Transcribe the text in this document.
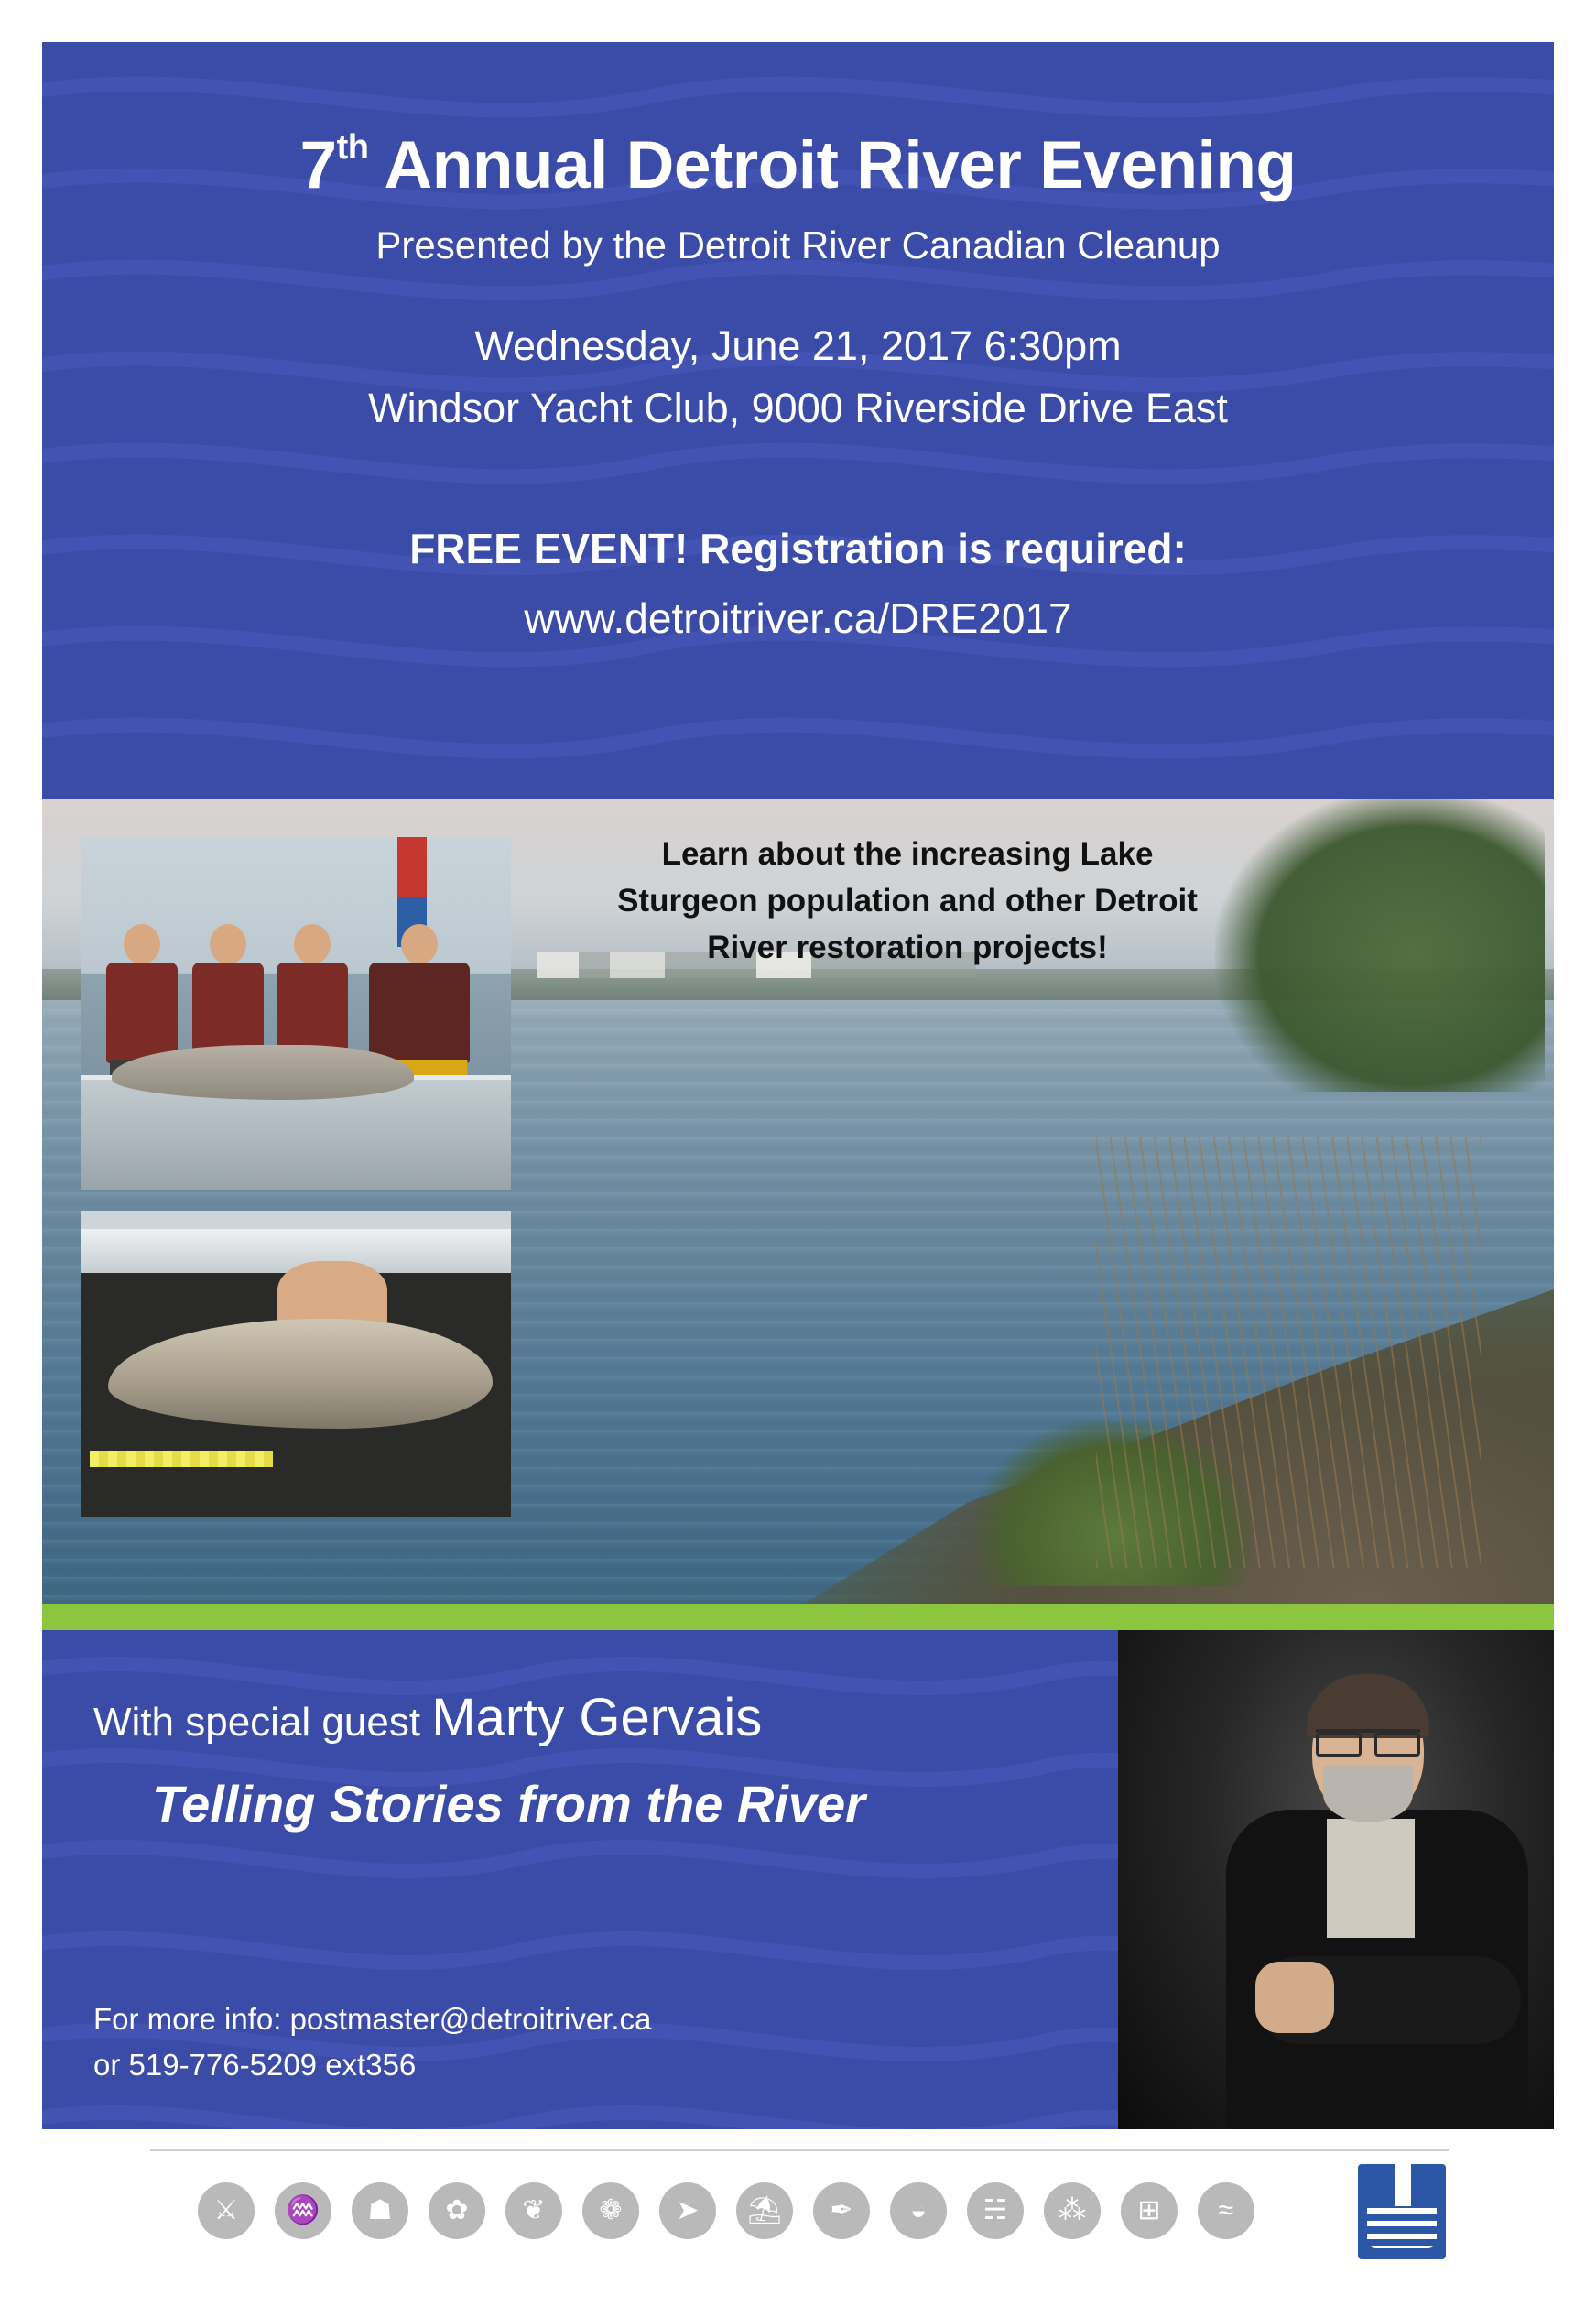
7th Annual Detroit River Evening
Presented by the Detroit River Canadian Cleanup
Wednesday, June 21, 2017 6:30pm
Windsor Yacht Club, 9000 Riverside Drive East
FREE EVENT! Registration is required:
www.detroitriver.ca/DRE2017
Learn about the increasing Lake Sturgeon population and other Detroit River restoration projects!
With special guest Marty Gervais
Telling Stories from the River
For more info: postmaster@detroitriver.ca
or 519-776-5209 ext356
⚔	♒	☗	✿	❦	❁	➤	⛱	✒	◒	☵	⁂	⊞	≈
